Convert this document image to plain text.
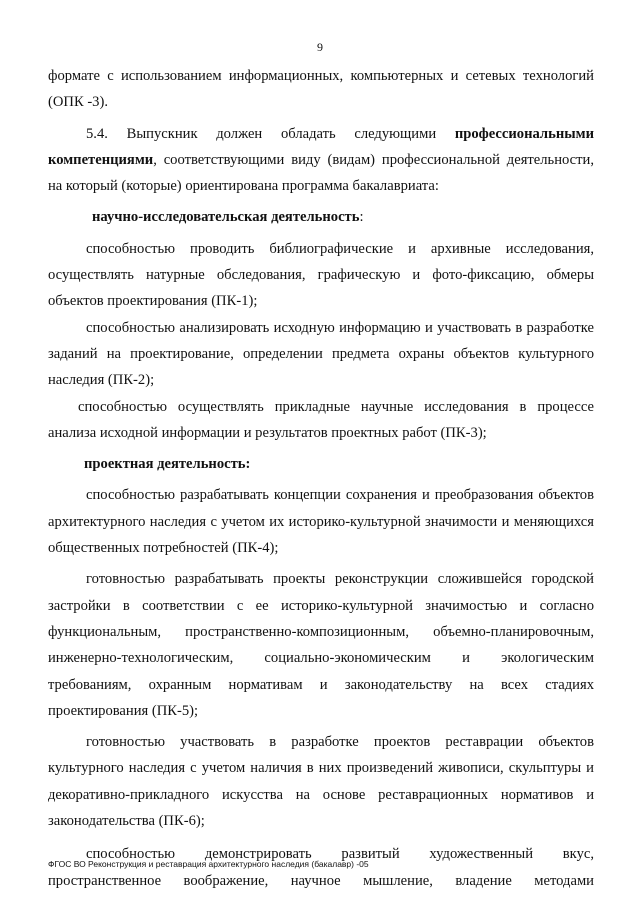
9

формате с использованием информационных, компьютерных и сетевых технологий (ОПК -3).

5.4. Выпускник должен обладать следующими профессиональными компетенциями, соответствующими виду (видам) профессиональной деятельности, на который (которые) ориентирована программа бакалавриата:

научно-исследовательская деятельность:

способностью проводить библиографические и архивные исследования, осуществлять натурные обследования, графическую и фото-фиксацию, обмеры объектов проектирования (ПК-1);

способностью анализировать исходную информацию и участвовать в разработке заданий на проектирование, определении предмета охраны объектов культурного наследия (ПК-2);

способностью осуществлять прикладные научные исследования в процессе анализа исходной информации и результатов проектных работ (ПК-3);

проектная деятельность:

способностью разрабатывать концепции сохранения и преобразования объектов архитектурного наследия с учетом их историко-культурной значимости и меняющихся общественных потребностей (ПК-4);

готовностью разрабатывать проекты реконструкции сложившейся городской застройки в соответствии с ее историко-культурной значимостью и согласно функциональным, пространственно-композиционным, объемно-планировочным, инженерно-технологическим, социально-экономическим и экологическим требованиям, охранным нормативам и законодательству на всех стадиях проектирования (ПК-5);

готовностью участвовать в разработке проектов реставрации объектов культурного наследия с учетом наличия в них произведений живописи, скульптуры и декоративно-прикладного искусства на основе реставрационных нормативов и законодательства (ПК-6);

способностью демонстрировать развитый художественный вкус, пространственное воображение, научное мышление, владение методами

ФГОС ВО Реконструкция и реставрация архитектурного наследия (бакалавр) -05
